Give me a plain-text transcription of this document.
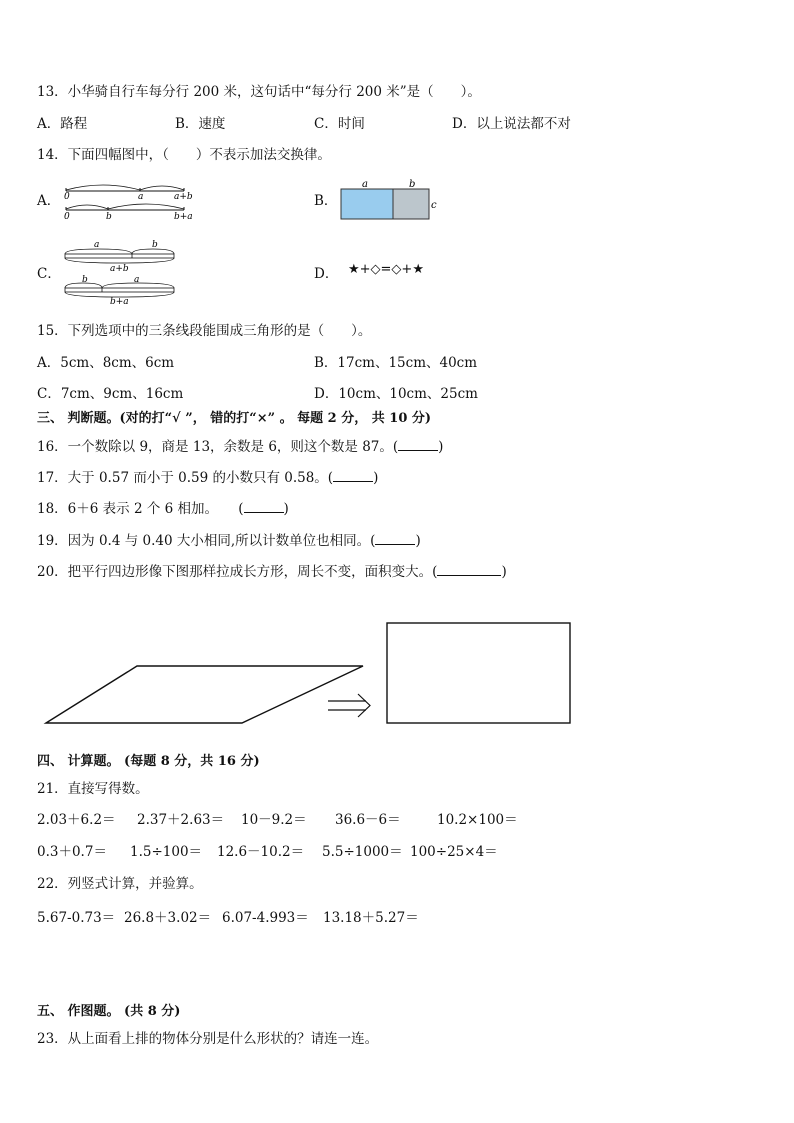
13．小华骑自行车每分行 200 米，这句话中“每分行 200 米”是（　　）。
A．路程	B．速度	C．时间	D．以上说法都不对
14．下面四幅图中，（　　）不表示加法交换律。
A． 0	a	a+b
0	b	b+a
B．
a	b
c
C．
a	b
a+b
b	a
b+a
D． ★+◇=◇+★
15．下列选项中的三条线段能围成三角形的是（　　）。
A．5cm、8cm、6cm	B．17cm、15cm、40cm
C．7cm、9cm、16cm	D．10cm、10cm、25cm
三、 判断题。(对的打“√ ”， 错的打“×” 。 每题 2 分， 共 10 分)
16．一个数除以 9，商是 13，余数是 6，则这个数是 87。(	)
17．大于 0.57 而小于 0.59 的小数只有 0.58。(	)
18．6＋6 表示 2 个 6 相加。　　(	)
19．因为 0.4 与 0.40 大小相同,所以计数单位也相同。(	)
20．把平行四边形像下图那样拉成长方形，周长不变，面积变大。(	)
四、 计算题。 (每题 8 分，共 16 分)
21．直接写得数。
2.03＋6.2＝ 2.37＋2.63＝ 10－9.2＝ 36.6－6＝	10.2×100＝
0.3＋0.7＝ 1.5÷100＝ 12.6－10.2＝ 5.5÷1000＝ 100÷25×4＝
22．列竖式计算，并验算。
5.67-0.73＝ 26.8＋3.02＝ 6.07-4.993＝ 13.18＋5.27＝
五、 作图题。 (共 8 分)
23．从上面看上排的物体分别是什么形状的？请连一连。
